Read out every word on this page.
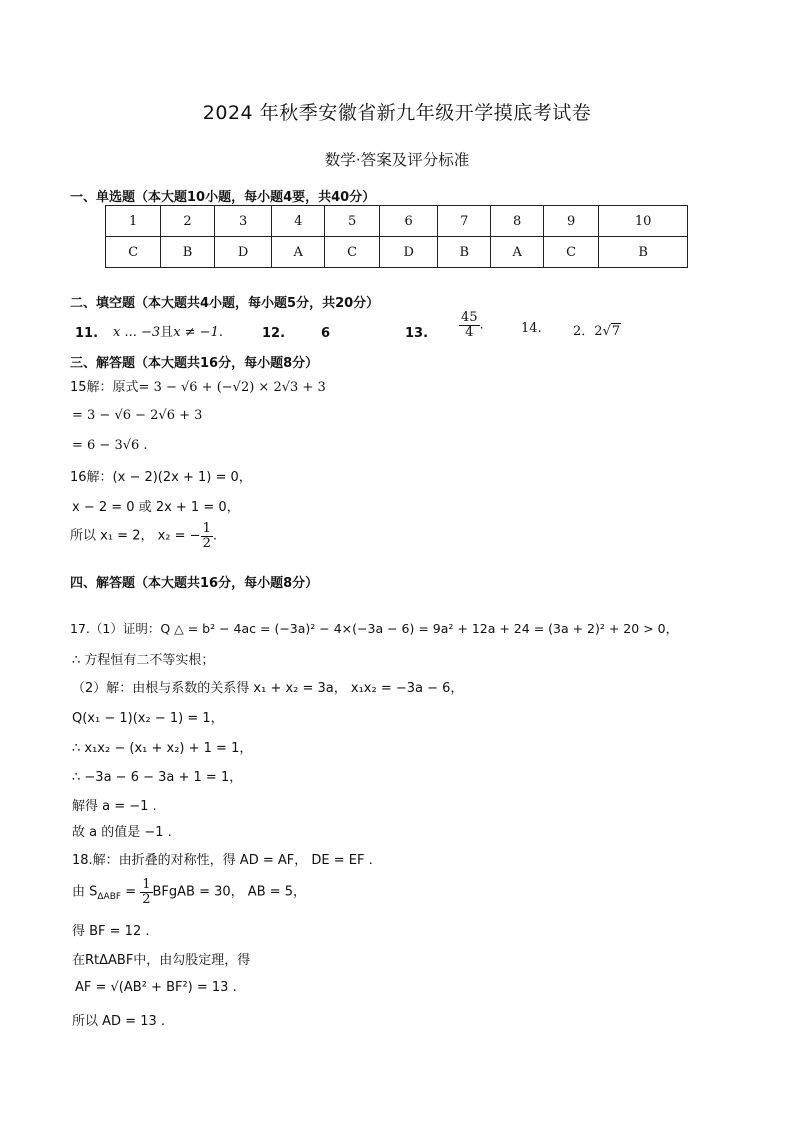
2024 年秋季安徽省新九年级开学摸底考试卷
数学·答案及评分标准
一、单选题（本大题10小题，每小题4要，共40分）
1	2	3	4	5	6	7	8	9	10
C	B	D	A	C	D	B	A	C	B
二、填空题（本大题共4小题，每小题5分，共20分）
11. x ... −3且x ≠ −1.	12.	6	13. $\frac{45}{4}$ .	14. 2．2√7
三、解答题（本大题共16分，每小题8分）
15解：原式= 3 − √6 + (−√2) × 2√3 + 3
= 3 − √6 − 2√6 + 3
= 6 − 3√6 .
16解：(x − 2)(2x + 1) = 0，
x − 2 = 0 或 2x + 1 = 0，
所以 x₁ = 2， x₂ = − $\frac{1}{2}$ .
四、解答题（本大题共16分，每小题8分）
17.（1）证明：Q △ = b² − 4ac = (−3a)² − 4×(−3a − 6) = 9a² + 12a + 24 = (3a + 2)² + 20 > 0，
∴ 方程恒有二不等实根；
（2）解：由根与系数的关系得 x₁ + x₂ = 3a， x₁x₂ = −3a − 6，
Q(x₁ − 1)(x₂ − 1) = 1，
∴ x₁x₂ − (x₁ + x₂) + 1 = 1，
∴ −3a − 6 − 3a + 1 = 1，
解得 a = −1 .
故 a 的值是 −1 .
18.解：由折叠的对称性，得 AD = AF， DE = EF .
由 $S_{\Delta ABF} = \frac{1}{2}$ BFgAB = 30， AB = 5，
得 BF = 12 .
在RtΔABF中，由勾股定理，得
AF = √(AB² + BF²) = 13 .
所以 AD = 13 .
